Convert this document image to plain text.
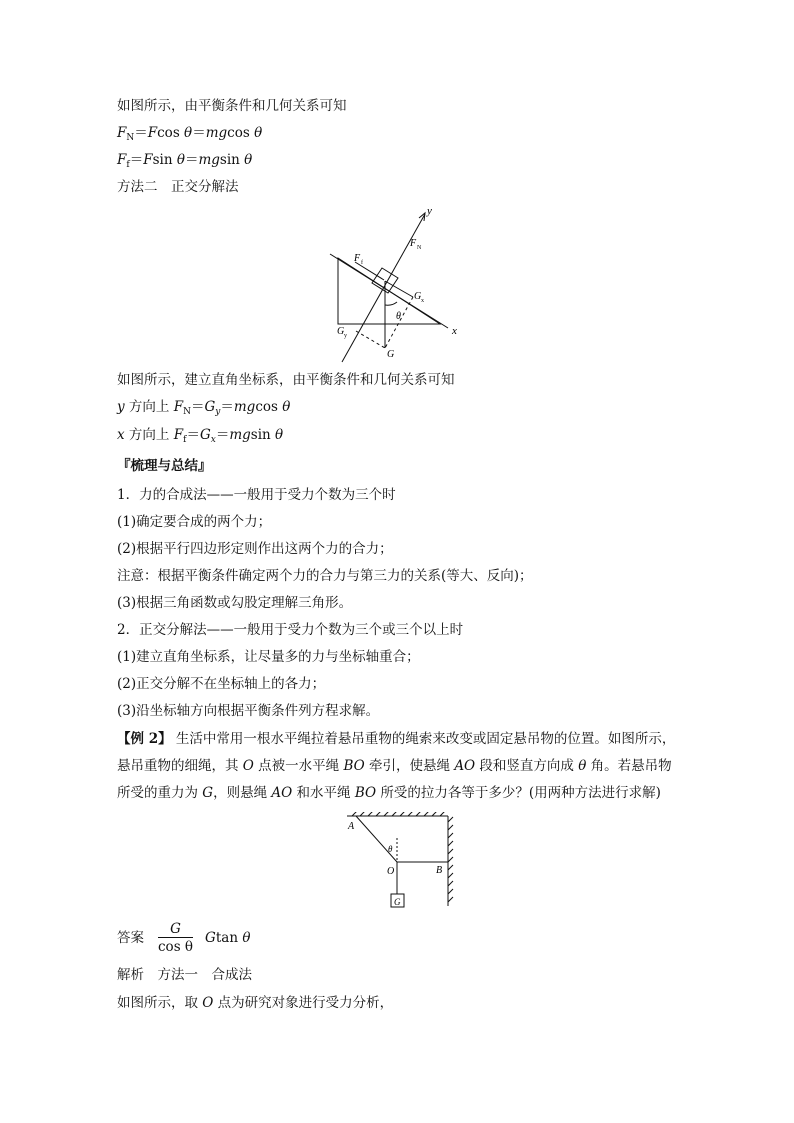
如图所示，由平衡条件和几何关系可知
$F_N=Fcos$ θ＝mgcos θ
$F_f=Fsin$ θ＝mgsin θ
方法二　正交分解法
y
F N
F f
G x
θ
x
G y
G
如图所示，建立直角坐标系，由平衡条件和几何关系可知
y 方向上 $F_N=G_y=mgcos$ θ
x 方向上 $F_f=G_x=mgsin$ θ
『梳理与总结』
1．力的合成法——一般用于受力个数为三个时
(1)确定要合成的两个力；
(2)根据平行四边形定则作出这两个力的合力；
注意：根据平衡条件确定两个力的合力与第三力的关系(等大、反向)；
(3)根据三角函数或勾股定理解三角形。
2．正交分解法——一般用于受力个数为三个或三个以上时
(1)建立直角坐标系，让尽量多的力与坐标轴重合；
(2)正交分解不在坐标轴上的各力；
(3)沿坐标轴方向根据平衡条件列方程求解。
【例 2】 生活中常用一根水平绳拉着悬吊重物的绳索来改变或固定悬吊物的位置。如图所示，
悬吊重物的细绳，其 O 点被一水平绳 BO 牵引，使悬绳 AO 段和竖直方向成 θ 角。若悬吊物
所受的重力为 G，则悬绳 AO 和水平绳 BO 所受的拉力各等于多少？(用两种方法进行求解)
A
θ
O	B
G
答案 $\frac{G}{\text{cos θ}}$ Gtan θ
解析　方法一　合成法
如图所示，取 O 点为研究对象进行受力分析，
